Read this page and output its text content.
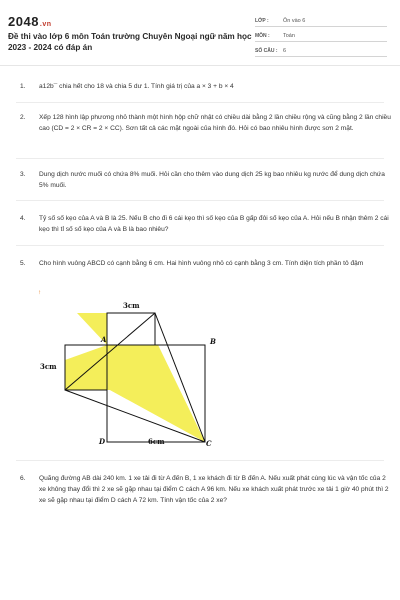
2048.vn
Đề thi vào lớp 6 môn Toán trường Chuyên Ngoại ngữ năm học 2023 - 2024 có đáp án
LỚP :	Ôn vào 6
MÔN :	Toán
SỐ CÂU :	6
1.	a12b¯ chia hết cho 18 và chia 5 dư 1. Tính giá trị của a × 3 + b × 4
2.	Xếp 128 hình lập phương nhỏ thành một hình hộp chữ nhật có chiều dài bằng 2 lần chiều rộng và cũng bằng 2 lần chiều cao (CD = 2 × CR = 2 × CC). Sơn tất cả các mặt ngoài của hình đó. Hỏi có bao nhiêu hình được sơn 2 mặt.
3.	Dung dịch nước muối có chứa 8% muối. Hỏi cần cho thêm vào dung dịch 25 kg bao nhiêu kg nước để dung dịch chứa 5% muối.
4.	Tỷ số số kẹo của A và B là 25. Nếu B cho đi 6 cái kẹo thì số kẹo của B gấp đôi số kẹo của A. Hỏi nếu B nhận thêm 2 cái kẹo thì tỉ số số kẹo của A và B là bao nhiêu?
5.	Cho hình vuông ABCD có cạnh bằng 6 cm. Hai hình vuông nhỏ có cạnh bằng 3 cm. Tính diện tích phần tô đậm
↑
3cm
3cm
6cm
A	B
C
D
6.	Quãng đường AB dài 240 km. 1 xe tải đi từ A đến B, 1 xe khách đi từ B đến A. Nếu xuất phát cùng lúc và vận tốc của 2 xe không thay đổi thì 2 xe sẽ gặp nhau tại điểm C cách A 96 km. Nếu xe khách xuất phát trước xe tải 1 giờ 40 phút thì 2 xe sẽ gặp nhau tại điểm D cách A 72 km. Tính vận tốc của 2 xe?
